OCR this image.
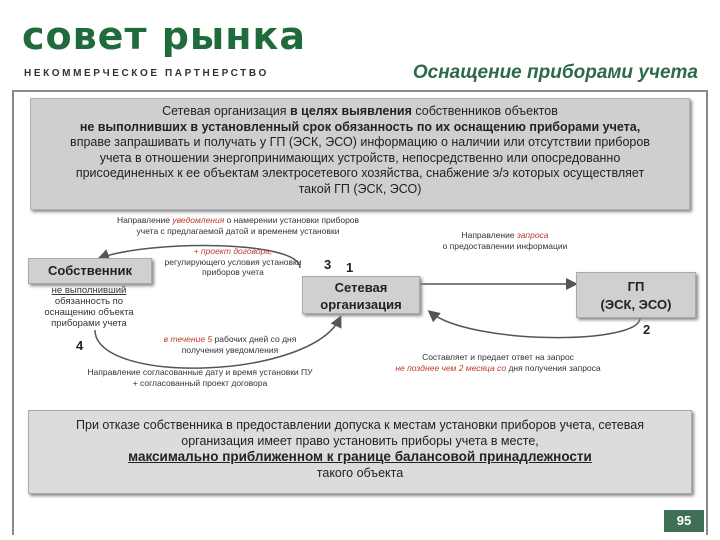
совет рынка
НЕКОММЕРЧЕСКОЕ ПАРТНЕРСТВО	Оснащение приборами учета
Сетевая организация в целях выявления собственников объектов
не выполнивших в установленный срок обязанность по их оснащению приборами учета,
вправе запрашивать и получать у ГП (ЭСК, ЭСО) информацию о наличии или отсутствии приборов
учета в отношении энергопринимающих устройств, непосредственно или опосредованно
присоединенных к ее объектам электросетевого хозяйства, снабжение э/э которых осуществляет
такой ГП (ЭСК, ЭСО)
Направление уведомления о намерении установки приборов
учета с предлагаемой датой и временем установки
+ проект договора,
регулирующего условия установки
приборов учета
Направление запроса
о предоставлении информации
3 1
2
4	в течение 5 рабочих дней со дня
получения уведомления
Направление согласованные дату и время установки ПУ
+ согласованный проект договора
Составляет и предает ответ на запрос
не позднее чем 2 месяца со дня получения запроса
Собственник
не выполнивший
обязанность по
оснащению объекта
приборами учета
Сетевая
организация
ГП
(ЭСК, ЭСО)
При отказе собственника в предоставлении допуска к местам установки приборов учета, сетевая
организация имеет право установить приборы учета в месте,
максимально приближенном к границе балансовой принадлежности
такого объекта
95
